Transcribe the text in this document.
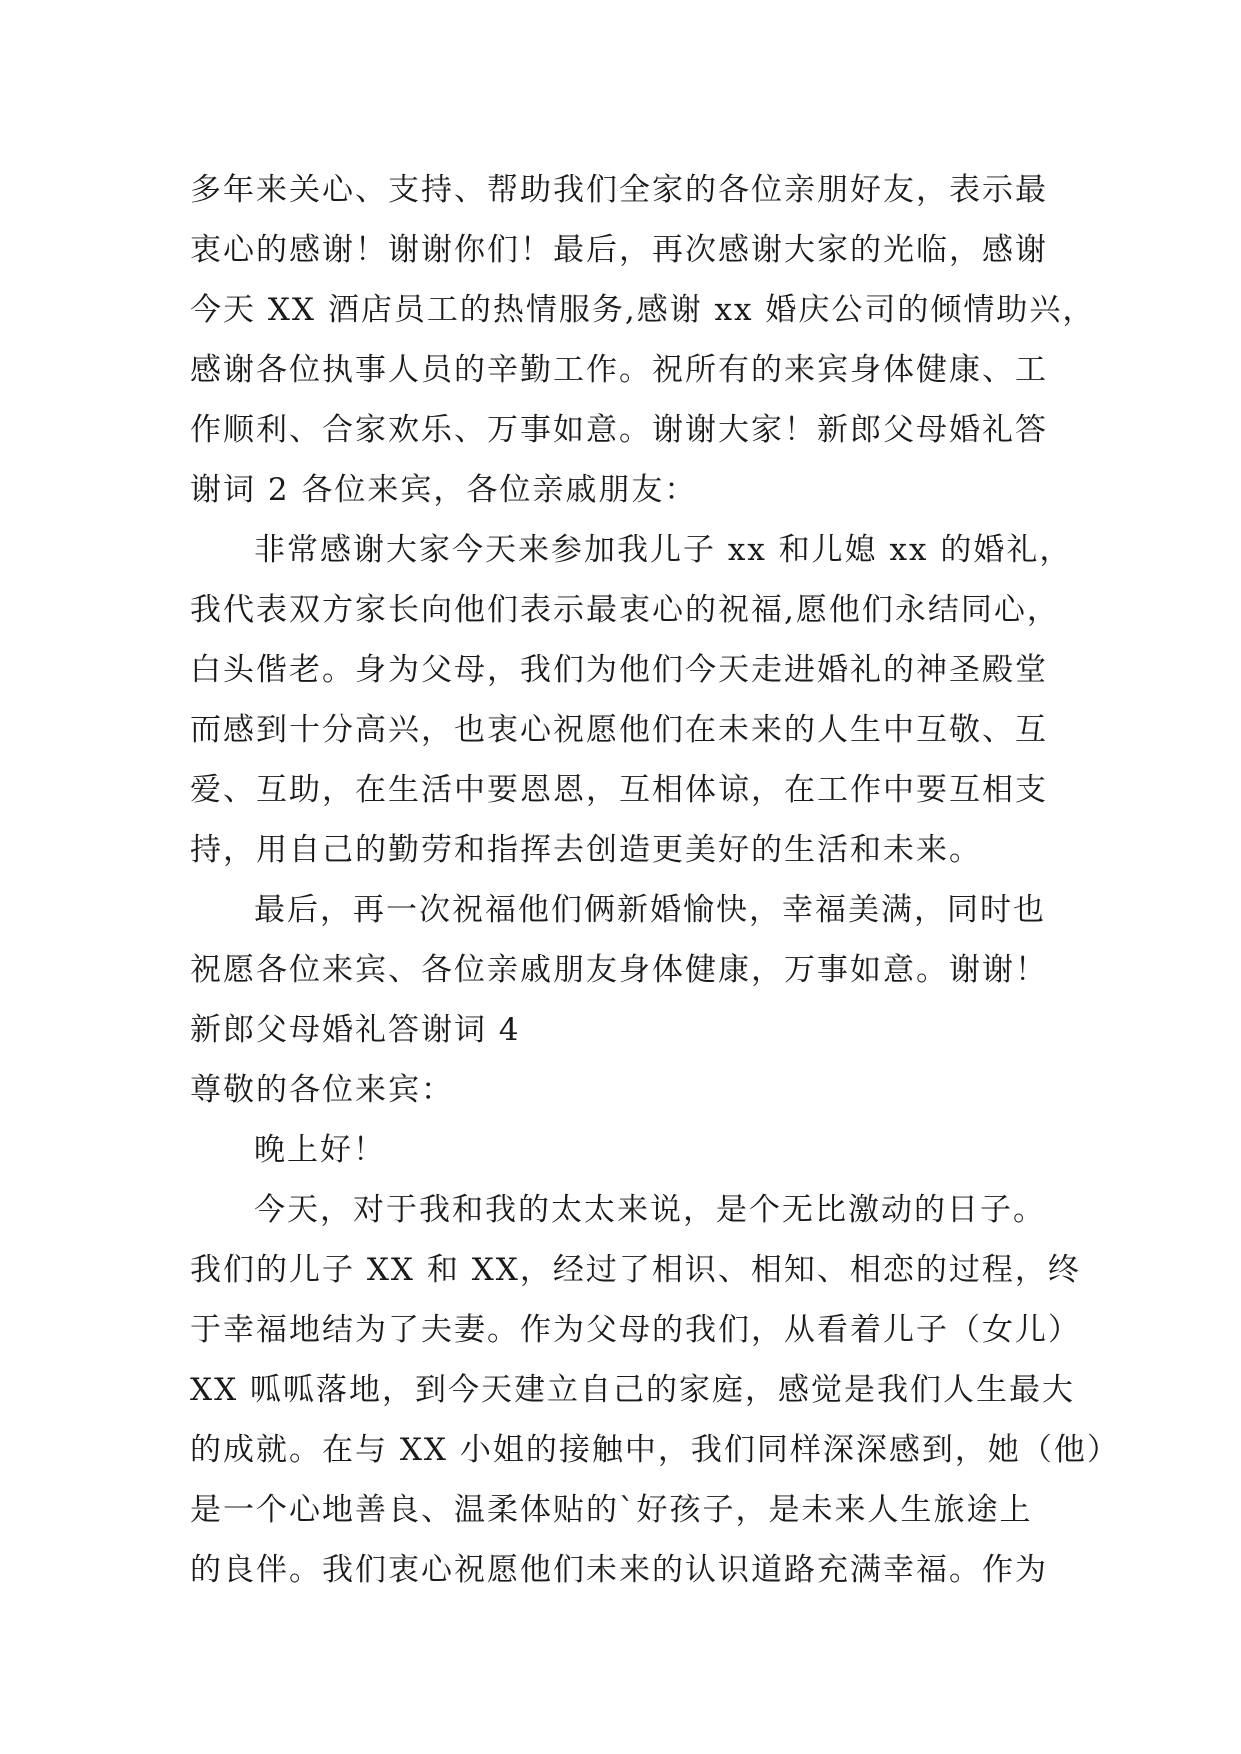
多年来关心、支持、帮助我们全家的各位亲朋好友，表示最
衷心的感谢！谢谢你们！最后，再次感谢大家的光临，感谢
今天 XX 酒店员工的热情服务,感谢 xx 婚庆公司的倾情助兴，
感谢各位执事人员的辛勤工作。祝所有的来宾身体健康、工
作顺利、合家欢乐、万事如意。谢谢大家！新郎父母婚礼答
谢词 2 各位来宾，各位亲戚朋友：
非常感谢大家今天来参加我儿子 xx 和儿媳 xx 的婚礼，
我代表双方家长向他们表示最衷心的祝福,愿他们永结同心，
白头偕老。身为父母，我们为他们今天走进婚礼的神圣殿堂
而感到十分高兴，也衷心祝愿他们在未来的人生中互敬、互
爱、互助，在生活中要恩恩，互相体谅，在工作中要互相支
持，用自己的勤劳和指挥去创造更美好的生活和未来。
最后，再一次祝福他们俩新婚愉快，幸福美满，同时也
祝愿各位来宾、各位亲戚朋友身体健康，万事如意。谢谢！
新郎父母婚礼答谢词 4
尊敬的各位来宾：
晚上好！
今天，对于我和我的太太来说，是个无比激动的日子。
我们的儿子 XX 和 XX，经过了相识、相知、相恋的过程，终
于幸福地结为了夫妻。作为父母的我们，从看着儿子（女儿）
XX 呱呱落地，到今天建立自己的家庭，感觉是我们人生最大
的成就。在与 XX 小姐的接触中，我们同样深深感到，她（他）
是一个心地善良、温柔体贴的`好孩子，是未来人生旅途上
的良伴。我们衷心祝愿他们未来的认识道路充满幸福。作为
